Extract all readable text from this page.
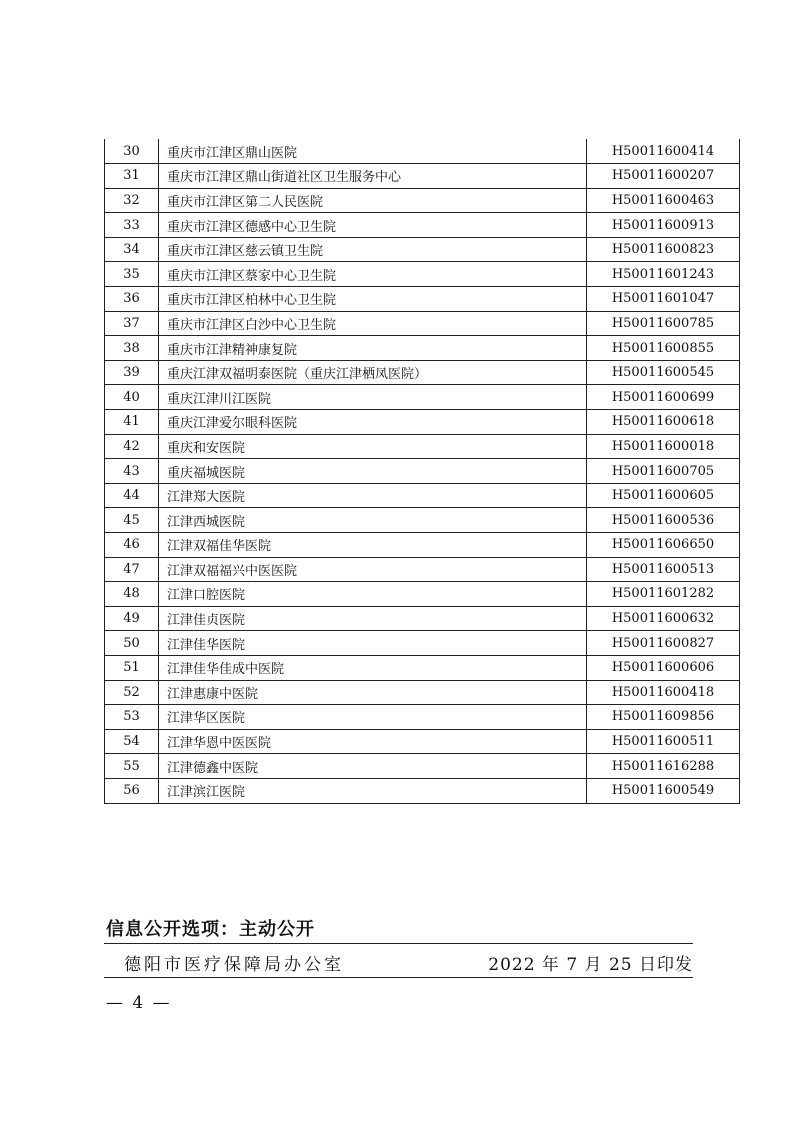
30	重庆市江津区鼎山医院	H50011600414
31	重庆市江津区鼎山街道社区卫生服务中心	H50011600207
32	重庆市江津区第二人民医院	H50011600463
33	重庆市江津区德感中心卫生院	H50011600913
34	重庆市江津区慈云镇卫生院	H50011600823
35	重庆市江津区蔡家中心卫生院	H50011601243
36	重庆市江津区柏林中心卫生院	H50011601047
37	重庆市江津区白沙中心卫生院	H50011600785
38	重庆市江津精神康复院	H50011600855
39	重庆江津双福明泰医院（重庆江津栖凤医院）	H50011600545
40	重庆江津川江医院	H50011600699
41	重庆江津爱尔眼科医院	H50011600618
42	重庆和安医院	H50011600018
43	重庆福城医院	H50011600705
44	江津郑大医院	H50011600605
45	江津西城医院	H50011600536
46	江津双福佳华医院	H50011606650
47	江津双福福兴中医医院	H50011600513
48	江津口腔医院	H50011601282
49	江津佳贞医院	H50011600632
50	江津佳华医院	H50011600827
51	江津佳华佳成中医院	H50011600606
52	江津惠康中医院	H50011600418
53	江津华区医院	H50011609856
54	江津华恩中医医院	H50011600511
55	江津德鑫中医院	H50011616288
56	江津滨江医院	H50011600549
信息公开选项：主动公开
德阳市医疗保障局办公室	2022 年 7 月 25 日印发
— 4 —
